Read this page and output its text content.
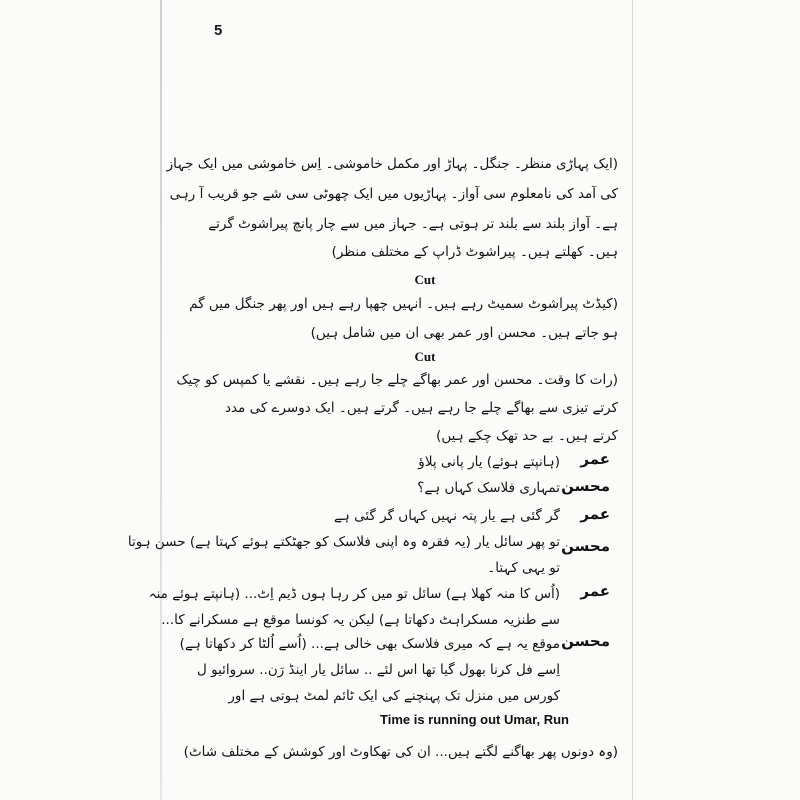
5

(ایک پہاڑی منظر۔ جنگل۔ پہاڑ اور مکمل خاموشی۔ اِس خاموشی میں ایک جہاز

کی آمد کی نامعلوم سی آواز۔ پہاڑیوں میں ایک چھوٹی سی شے جو قریب آ رہی

ہے۔ آواز بلند سے بلند تر ہوتی ہے۔ جہاز میں سے چار پانچ پیراشوٹ گرتے

ہیں۔ کھلتے ہیں۔ پیراشوٹ ڈراپ کے مختلف منظر)

Cut

(کیڈٹ پیراشوٹ سمیٹ رہے ہیں۔ انہیں چھپا رہے ہیں اور پھر جنگل میں گم

ہو جاتے ہیں۔ محسن اور عمر بھی ان میں شامل ہیں)

Cut

(رات کا وقت۔ محسن اور عمر بھاگے چلے جا رہے ہیں۔ نقشے یا کمپس کو چیک

کرتے تیزی سے بھاگے چلے جا رہے ہیں۔ گرتے ہیں۔ ایک دوسرے کی مدد

کرتے ہیں۔ بے حد تھک چکے ہیں)

عمر

(ہانپتے ہوئے) یار پانی پلاؤ

محسن

تمہاری فلاسک کہاں ہے؟

عمر

گر گئی ہے یار پتہ نہیں کہاں گر گئی ہے

محسن

تو پھر سائل یار (یہ فقرہ وہ اپنی فلاسک کو جھٹکتے ہوئے کہتا ہے) حسن ہوتا

تو یہی کہتا۔

عمر

(اُس کا منہ کھلا ہے) سائل تو میں کر رہا ہوں ڈیم اِٹ... (ہانپتے ہوئے منہ

سے طنزیہ مسکراہٹ دکھاتا ہے) لیکن یہ کونسا موقع ہے مسکرانے کا...

محسن

موقع یہ ہے کہ میری فلاسک بھی خالی ہے... (اُسے اُلٹا کر دکھاتا ہے)

اِسے فل کرنا بھول گیا تھا اس لئے .. سائل یار اینڈ رَن.. سروائیو ل

کورس میں منزل تک پہنچنے کی ایک ٹائم لمٹ ہوتی ہے اور

Time is running out Umar, Run

(وہ دونوں پھر بھاگنے لگتے ہیں... ان کی تھکاوٹ اور کوشش کے مختلف شاٹ)
